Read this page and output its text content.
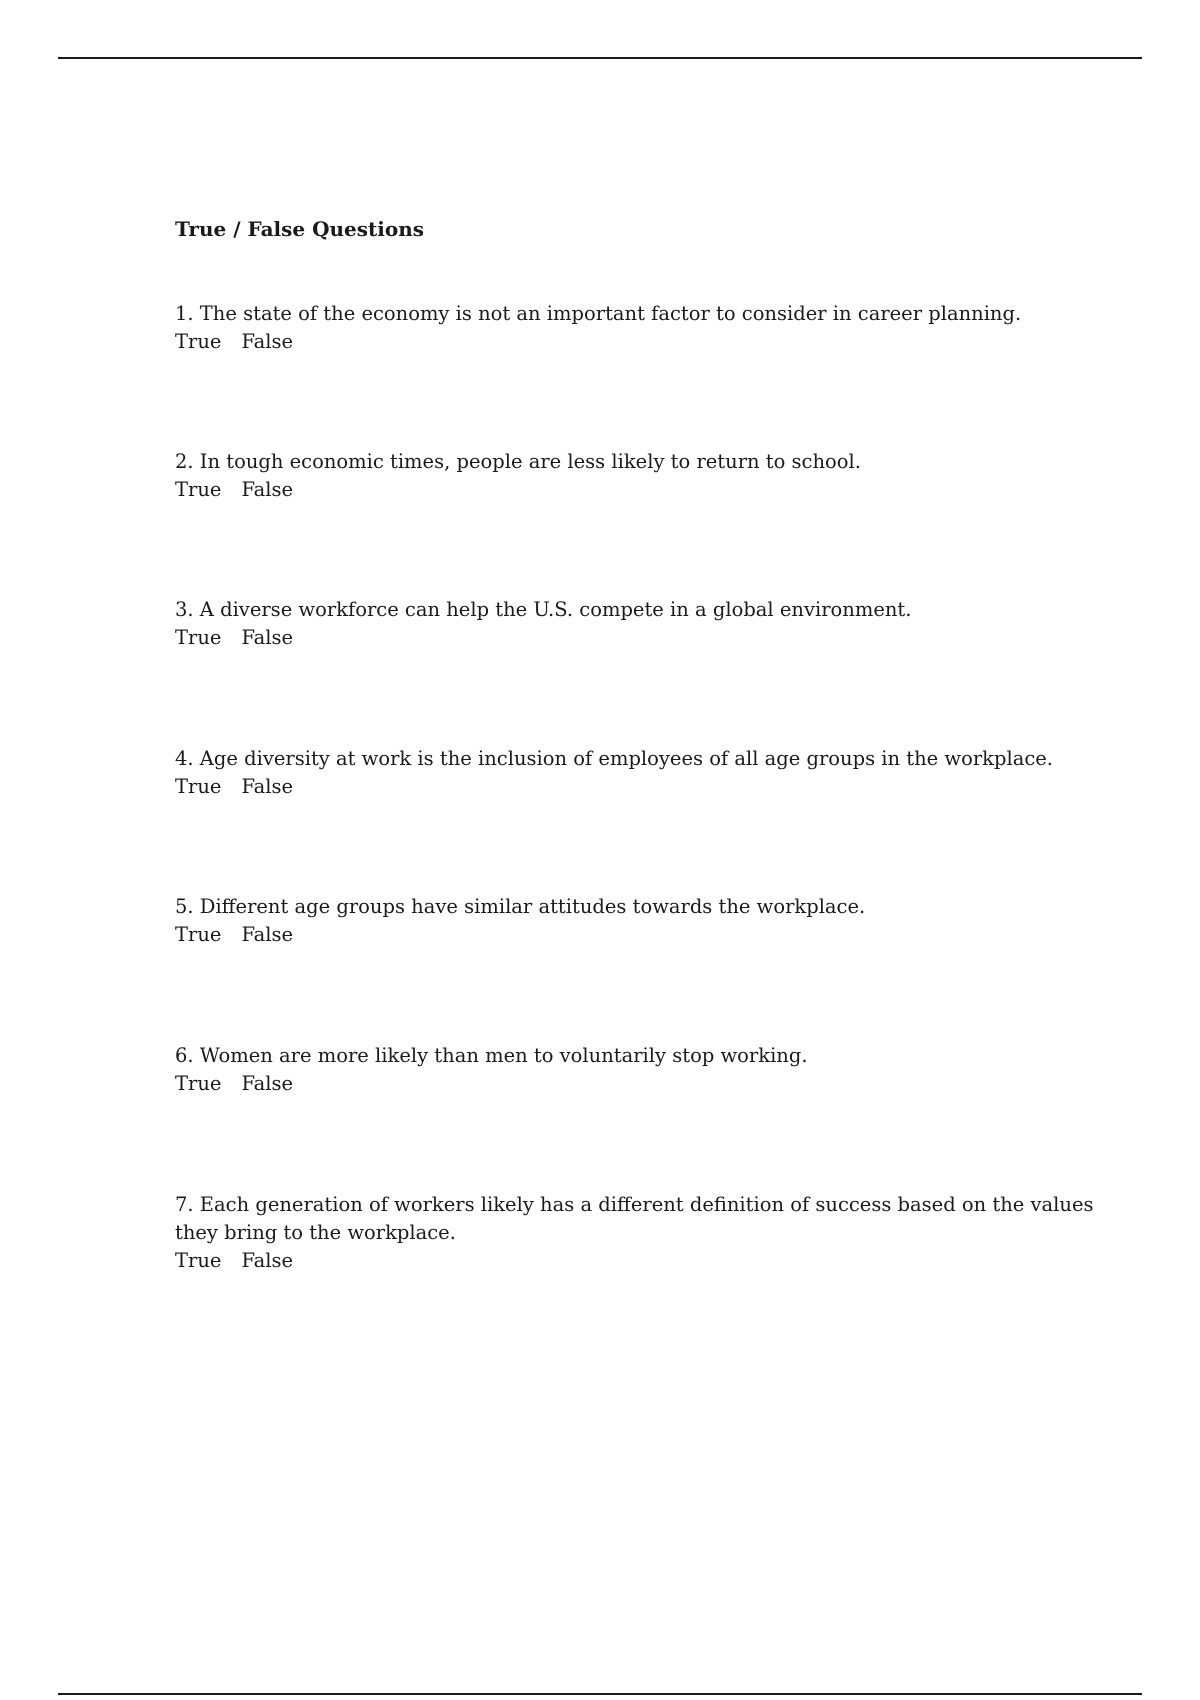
True / False Questions

1. The state of the economy is not an important factor to consider in career planning.

True False

2. In tough economic times, people are less likely to return to school.

True False

3. A diverse workforce can help the U.S. compete in a global environment.

True False

4. Age diversity at work is the inclusion of employees of all age groups in the workplace.

True False

5. Different age groups have similar attitudes towards the workplace.

True False

6. Women are more likely than men to voluntarily stop working.

True False

7. Each generation of workers likely has a different definition of success based on the values they bring to the workplace.

True False
